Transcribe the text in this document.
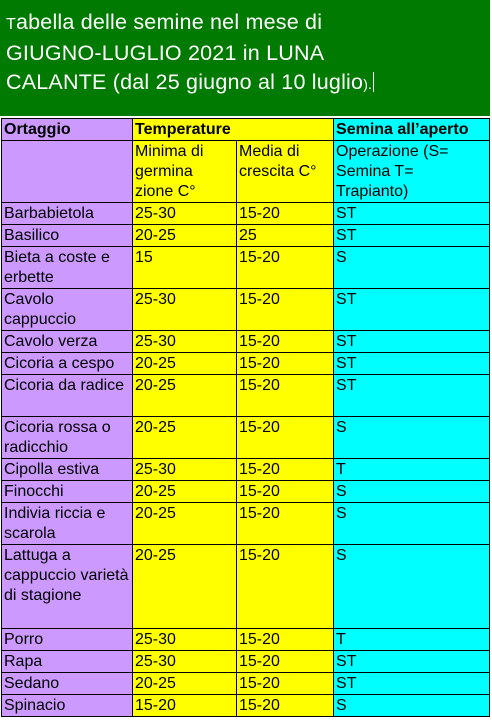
Tabella delle semine nel mese di
GIUGNO-LUGLIO 2021 in LUNA
CALANTE (dal 25 giugno al 10 luglio).
Ortaggio	Temperature		Semina all’aperto
	Minima di germina zione C°	Media di crescita C°	Operazione (S= Semina T= Trapianto)
Barbabietola	25-30	15-20	ST
Basilico	20-25	25	ST
Bieta a coste e erbette	15	15-20	S
Cavolo cappuccio	25-30	15-20	ST
Cavolo verza	25-30	15-20	ST
Cicoria a cespo	20-25	15-20	ST
Cicoria da radice	20-25	15-20	ST
Cicoria rossa o radicchio	20-25	15-20	S
Cipolla estiva	25-30	15-20	T
Finocchi	20-25	15-20	S
Indivia riccia e scarola	20-25	15-20	S
Lattuga a cappuccio varietà di stagione	20-25	15-20	S
Porro	25-30	15-20	T
Rapa	25-30	15-20	ST
Sedano	20-25	15-20	ST
Spinacio	15-20	15-20	S
